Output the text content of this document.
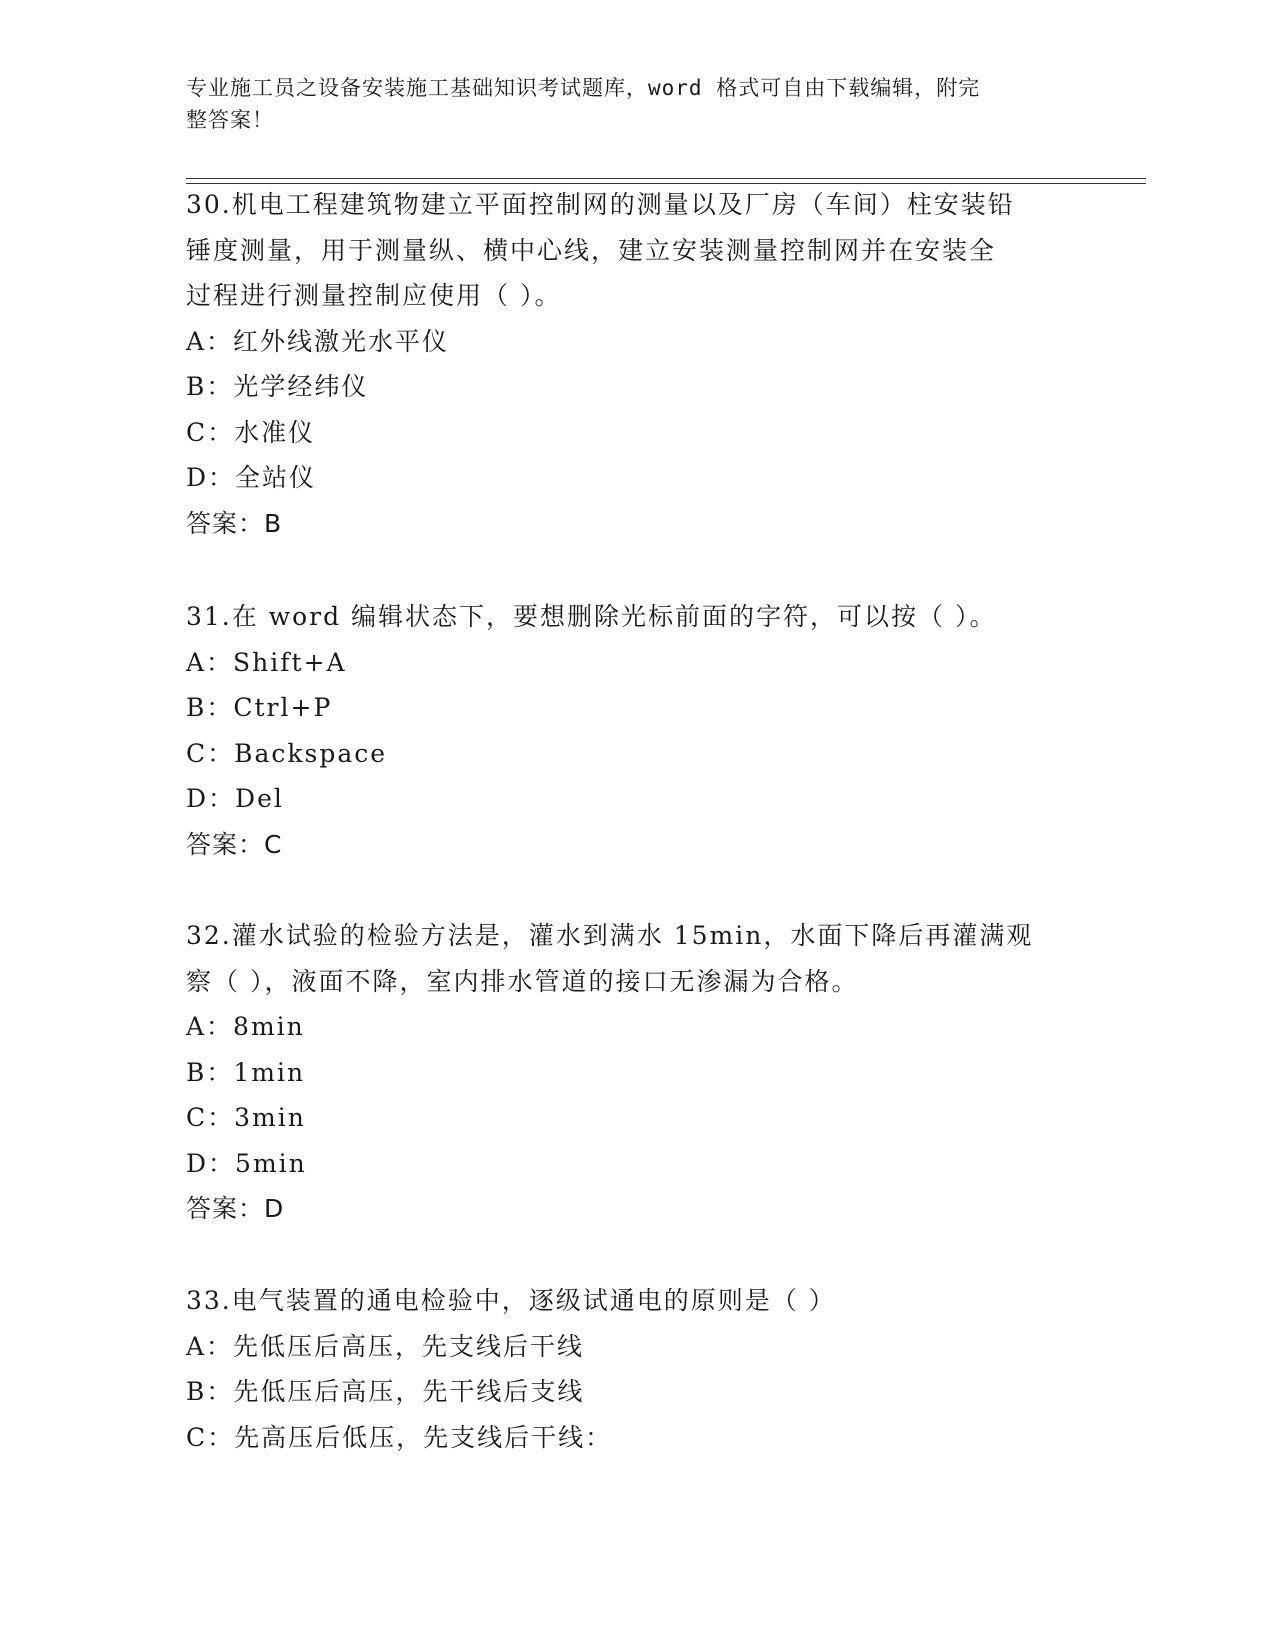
专业施工员之设备安装施工基础知识考试题库，word 格式可自由下载编辑，附完
整答案！
30.机电工程建筑物建立平面控制网的测量以及厂房（车间）柱安装铅
锤度测量，用于测量纵、横中心线，建立安装测量控制网并在安装全
过程进行测量控制应使用（ ）。
A：红外线激光水平仪
B：光学经纬仪
C：水准仪
D：全站仪
答案：B
31.在 word 编辑状态下，要想删除光标前面的字符，可以按（ ）。
A：Shift+A
B：Ctrl+P
C：Backspace
D：Del
答案：C
32.灌水试验的检验方法是，灌水到满水 15min，水面下降后再灌满观
察（ ），液面不降，室内排水管道的接口无渗漏为合格。
A：8min
B：1min
C：3min
D：5min
答案：D
33.电气装置的通电检验中，逐级试通电的原则是（ ）
A：先低压后高压，先支线后干线
B：先低压后高压，先干线后支线
C：先高压后低压，先支线后干线：
